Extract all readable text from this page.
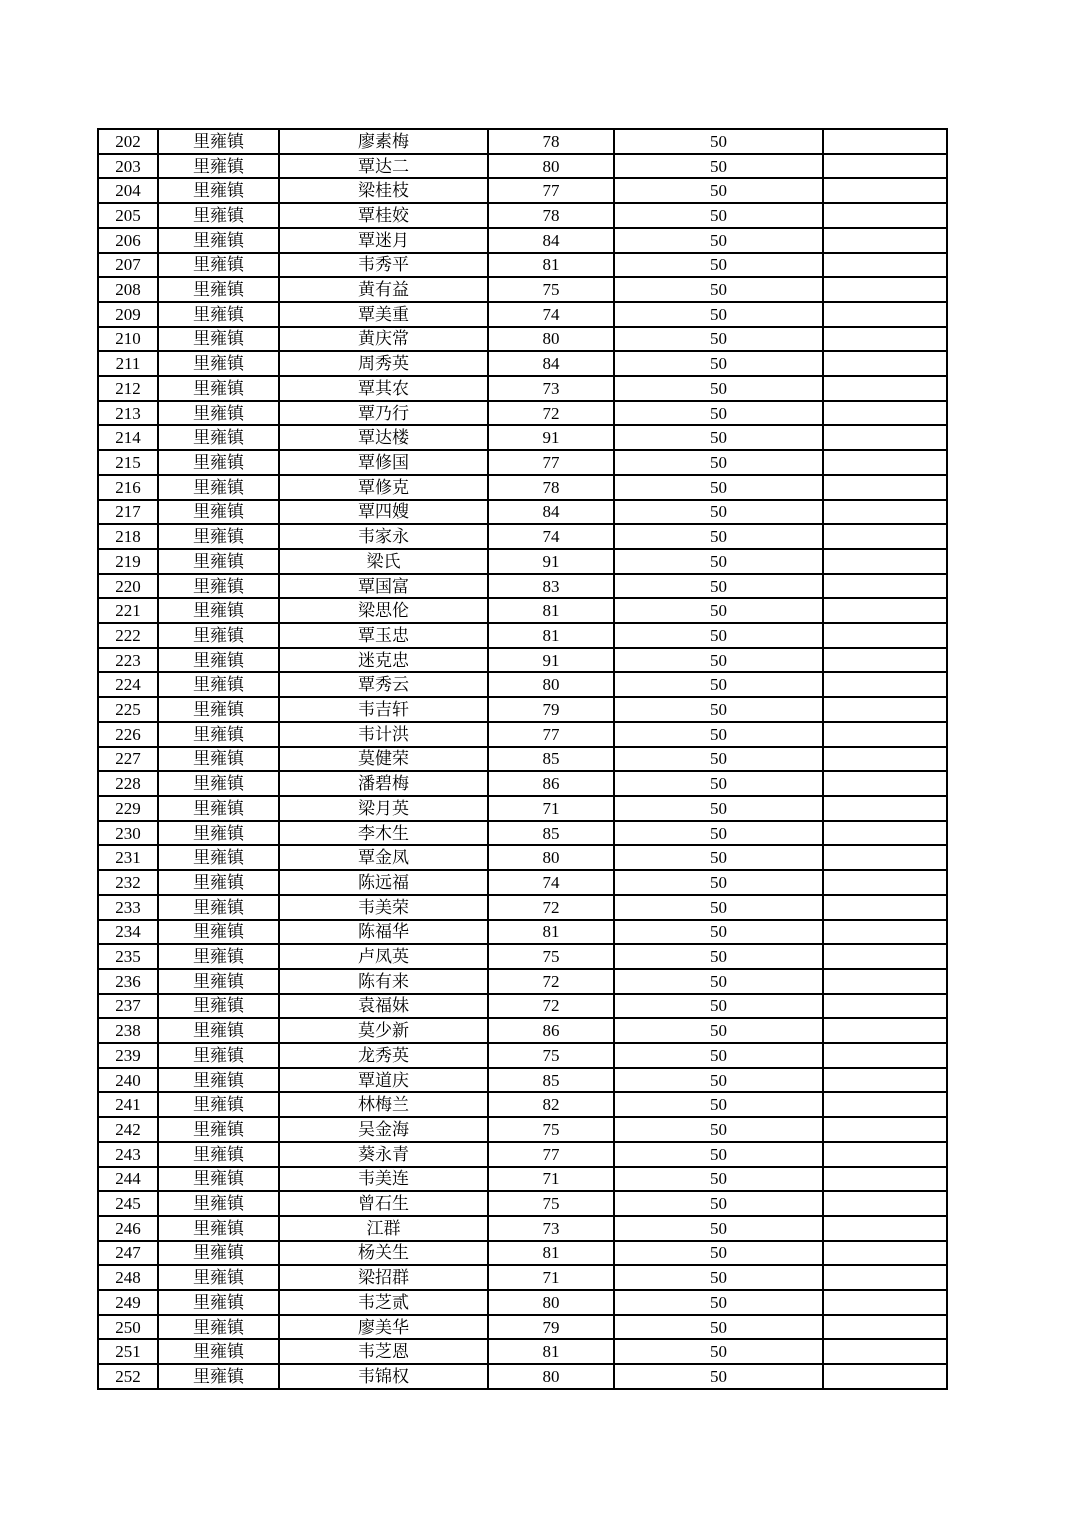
202	里雍镇	廖素梅	78	50	
203	里雍镇	覃达二	80	50	
204	里雍镇	梁桂枝	77	50	
205	里雍镇	覃桂姣	78	50	
206	里雍镇	覃迷月	84	50	
207	里雍镇	韦秀平	81	50	
208	里雍镇	黄有益	75	50	
209	里雍镇	覃美重	74	50	
210	里雍镇	黄庆常	80	50	
211	里雍镇	周秀英	84	50	
212	里雍镇	覃其农	73	50	
213	里雍镇	覃乃行	72	50	
214	里雍镇	覃达楼	91	50	
215	里雍镇	覃修国	77	50	
216	里雍镇	覃修克	78	50	
217	里雍镇	覃四嫂	84	50	
218	里雍镇	韦家永	74	50	
219	里雍镇	梁氏	91	50	
220	里雍镇	覃国富	83	50	
221	里雍镇	梁思伦	81	50	
222	里雍镇	覃玉忠	81	50	
223	里雍镇	迷克忠	91	50	
224	里雍镇	覃秀云	80	50	
225	里雍镇	韦吉轩	79	50	
226	里雍镇	韦计洪	77	50	
227	里雍镇	莫健荣	85	50	
228	里雍镇	潘碧梅	86	50	
229	里雍镇	梁月英	71	50	
230	里雍镇	李木生	85	50	
231	里雍镇	覃金凤	80	50	
232	里雍镇	陈远福	74	50	
233	里雍镇	韦美荣	72	50	
234	里雍镇	陈福华	81	50	
235	里雍镇	卢凤英	75	50	
236	里雍镇	陈有来	72	50	
237	里雍镇	袁福妹	72	50	
238	里雍镇	莫少新	86	50	
239	里雍镇	龙秀英	75	50	
240	里雍镇	覃道庆	85	50	
241	里雍镇	林梅兰	82	50	
242	里雍镇	吴金海	75	50	
243	里雍镇	葵永青	77	50	
244	里雍镇	韦美连	71	50	
245	里雍镇	曾石生	75	50	
246	里雍镇	江群	73	50	
247	里雍镇	杨关生	81	50	
248	里雍镇	梁招群	71	50	
249	里雍镇	韦芝贰	80	50	
250	里雍镇	廖美华	79	50	
251	里雍镇	韦芝恩	81	50	
252	里雍镇	韦锦权	80	50	
